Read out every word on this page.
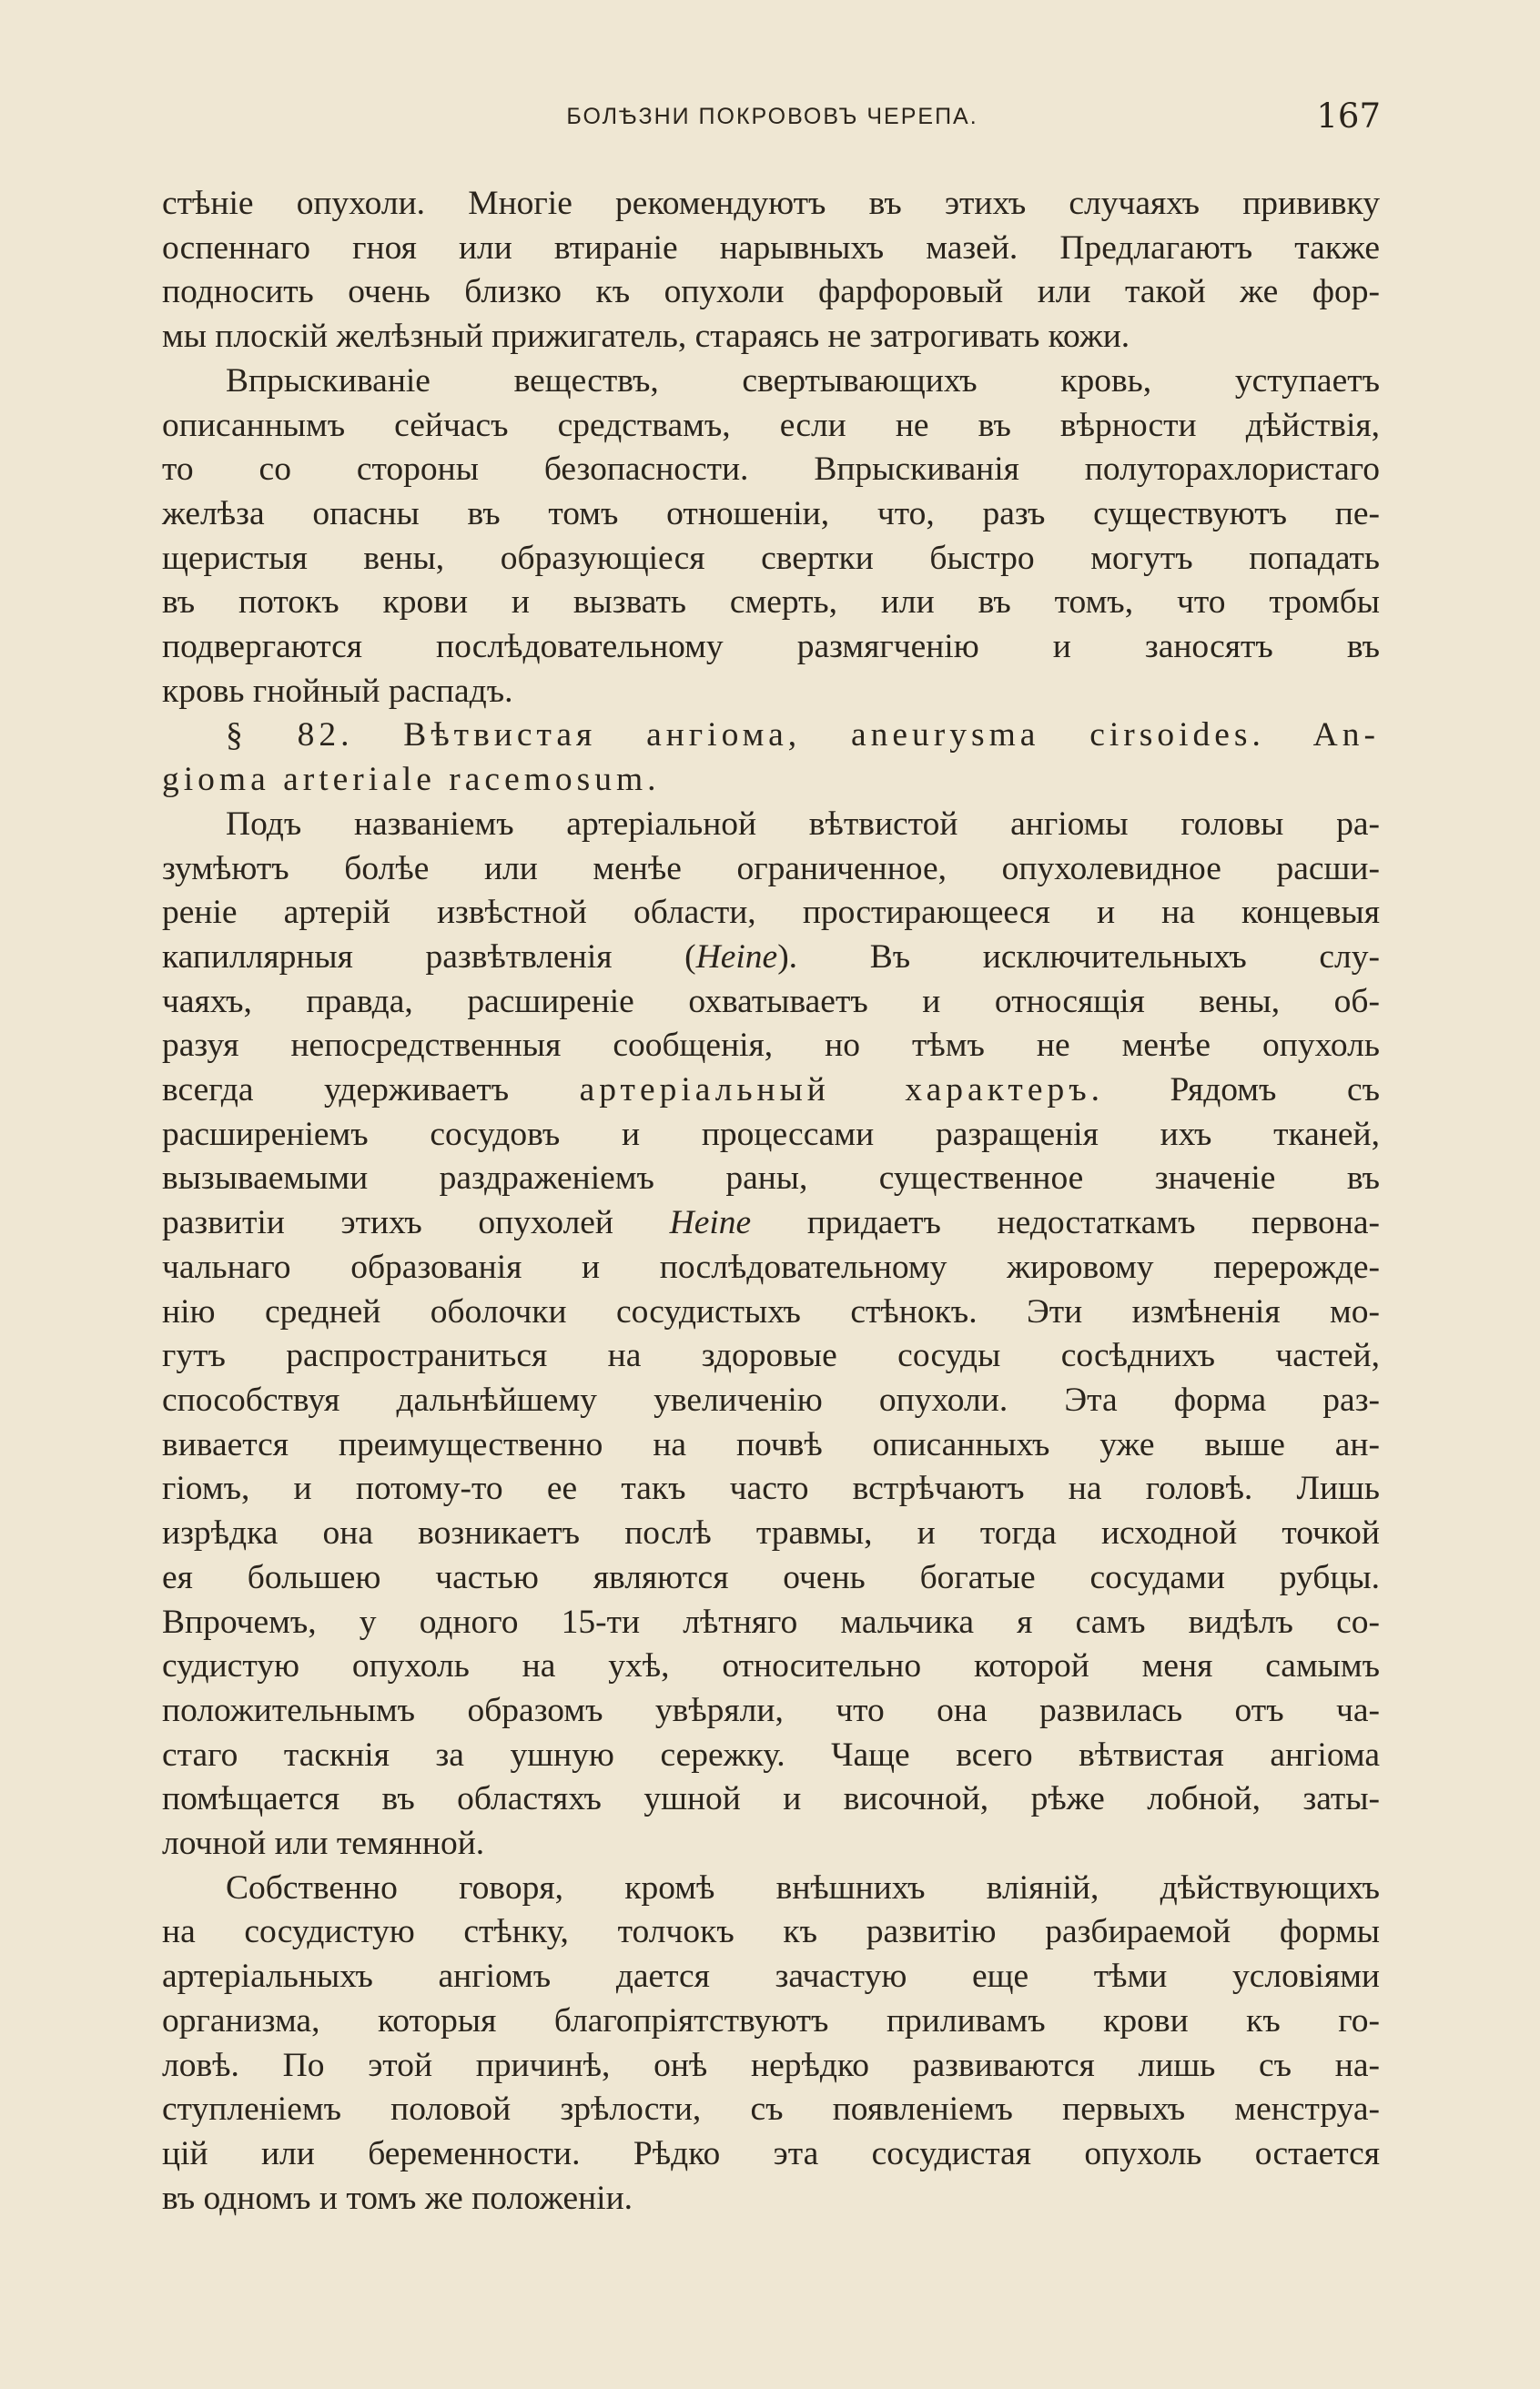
БОЛѢЗНИ ПОКРОВОВЪ ЧЕРЕПА.	167

стѣніе опухоли. Многіе рекомендуютъ въ этихъ случаяхъ прививку

оспеннаго гноя или втираніе нарывныхъ мазей. Предлагаютъ также

подносить очень близко къ опухоли фарфоровый или такой же фор-

мы плоскій желѣзный прижигатель, стараясь не затрогивать кожи.

Впрыскиваніе веществъ, свертывающихъ кровь, уступаетъ

описаннымъ сейчасъ средствамъ, если не въ вѣрности дѣйствія,

то со стороны безопасности. Впрыскиванія полуторахлористаго

желѣза опасны въ томъ отношеніи, что, разъ существуютъ пе-

щеристыя вены, образующіеся свертки быстро могутъ попадать

въ потокъ крови и вызвать смерть, или въ томъ, что тромбы

подвергаются послѣдовательному размягченію и заносятъ въ

кровь гнойный распадъ.

§ 82. Вѣтвистая ангіома, aneurysma cirsoides. An-

gioma arteriale racemosum.

Подъ названіемъ артеріальной вѣтвистой ангіомы головы ра-

зумѣютъ болѣе или менѣе ограниченное, опухолевидное расши-

реніе артерій извѣстной области, простирающееся и на концевыя

капиллярныя развѣтвленія (Heine). Въ исключительныхъ слу-

чаяхъ, правда, расширеніе охватываетъ и относящія вены, об-

разуя непосредственныя сообщенія, но тѣмъ не менѣе опухоль

всегда удерживаетъ артеріальный характеръ. Рядомъ съ

расширеніемъ сосудовъ и процессами разращенія ихъ тканей,

вызываемыми раздраженіемъ раны, существенное значеніе въ

развитіи этихъ опухолей Heine придаетъ недостаткамъ первона-

чальнаго образованія и послѣдовательному жировому перерожде-

нію средней оболочки сосудистыхъ стѣнокъ. Эти измѣненія мо-

гутъ распространиться на здоровые сосуды сосѣднихъ частей,

способствуя дальнѣйшему увеличенію опухоли. Эта форма раз-

вивается преимущественно на почвѣ описанныхъ уже выше ан-

гіомъ, и потому-то ее такъ часто встрѣчаютъ на головѣ. Лишь

изрѣдка она возникаетъ послѣ травмы, и тогда исходной точкой

ея большею частью являются очень богатые сосудами рубцы.

Впрочемъ, у одного 15-ти лѣтняго мальчика я самъ видѣлъ со-

судистую опухоль на ухѣ, относительно которой меня самымъ

положительнымъ образомъ увѣряли, что она развилась отъ ча-

стаго таскнія за ушную сережку. Чаще всего вѣтвистая ангіома

помѣщается въ областяхъ ушной и височной, рѣже лобной, заты-

лочной или темянной.

Собственно говоря, кромѣ внѣшнихъ вліяній, дѣйствующихъ

на сосудистую стѣнку, толчокъ къ развитію разбираемой формы

артеріальныхъ ангіомъ дается зачастую еще тѣми условіями

организма, которыя благопріятствуютъ приливамъ крови къ го-

ловѣ. По этой причинѣ, онѣ нерѣдко развиваются лишь съ на-

ступленіемъ половой зрѣлости, съ появленіемъ первыхъ менструа-

цій или беременности. Рѣдко эта сосудистая опухоль остается

въ одномъ и томъ же положеніи.
